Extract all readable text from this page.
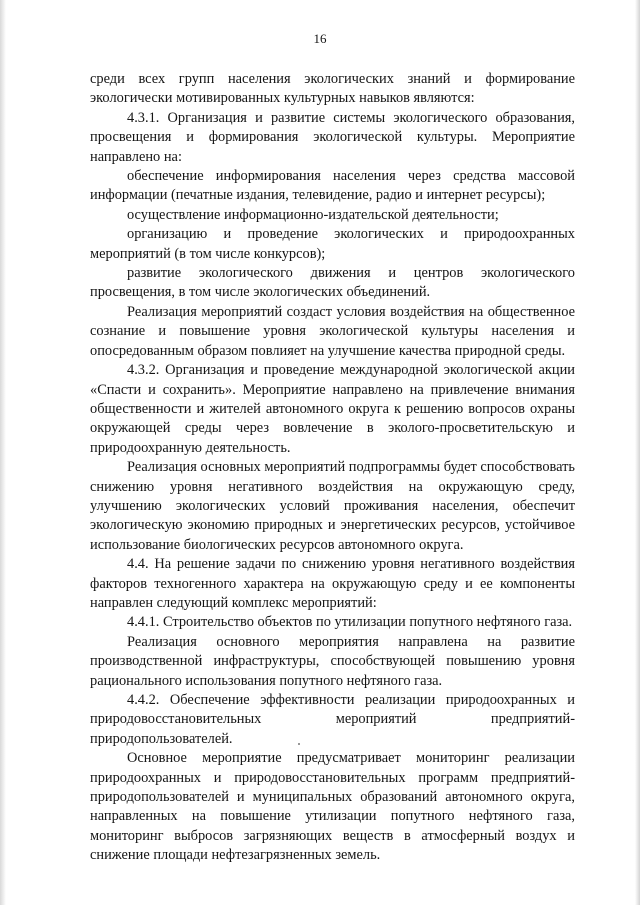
16

среди всех групп населения экологических знаний и формирование экологически мотивированных культурных навыков являются:

4.3.1. Организация и развитие системы экологического образования, просвещения и формирования экологической культуры. Мероприятие направлено на:

обеспечение информирования населения через средства массовой информации (печатные издания, телевидение, радио и интернет ресурсы);

осуществление информационно-издательской деятельности;

организацию и проведение экологических и природоохранных мероприятий (в том числе конкурсов);

развитие экологического движения и центров экологического просвещения, в том числе экологических объединений.

Реализация мероприятий создаст условия воздействия на общественное сознание и повышение уровня экологической культуры населения и опосредованным образом повлияет на улучшение качества природной среды.

4.3.2. Организация и проведение международной экологической акции «Спасти и сохранить». Мероприятие направлено на привлечение внимания общественности и жителей автономного округа к решению вопросов охраны окружающей среды через вовлечение в эколого-просветительскую и природоохранную деятельность.

Реализация основных мероприятий подпрограммы будет способствовать снижению уровня негативного воздействия на окружающую среду, улучшению экологических условий проживания населения, обеспечит экологическую экономию природных и энергетических ресурсов, устойчивое использование биологических ресурсов автономного округа.

4.4. На решение задачи по снижению уровня негативного воздействия факторов техногенного характера на окружающую среду и ее компоненты направлен следующий комплекс мероприятий:

4.4.1. Строительство объектов по утилизации попутного нефтяного газа.

Реализация основного мероприятия направлена на развитие производственной инфраструктуры, способствующей повышению уровня рационального использования попутного нефтяного газа.

4.4.2. Обеспечение эффективности реализации природоохранных и природовосстановительных мероприятий предприятий-природопользователей.

Основное мероприятие предусматривает мониторинг реализации природоохранных и природовосстановительных программ предприятий-природопользователей и муниципальных образований автономного округа, направленных на повышение утилизации попутного нефтяного газа, мониторинг выбросов загрязняющих веществ в атмосферный воздух и снижение площади нефтезагрязненных земель.
